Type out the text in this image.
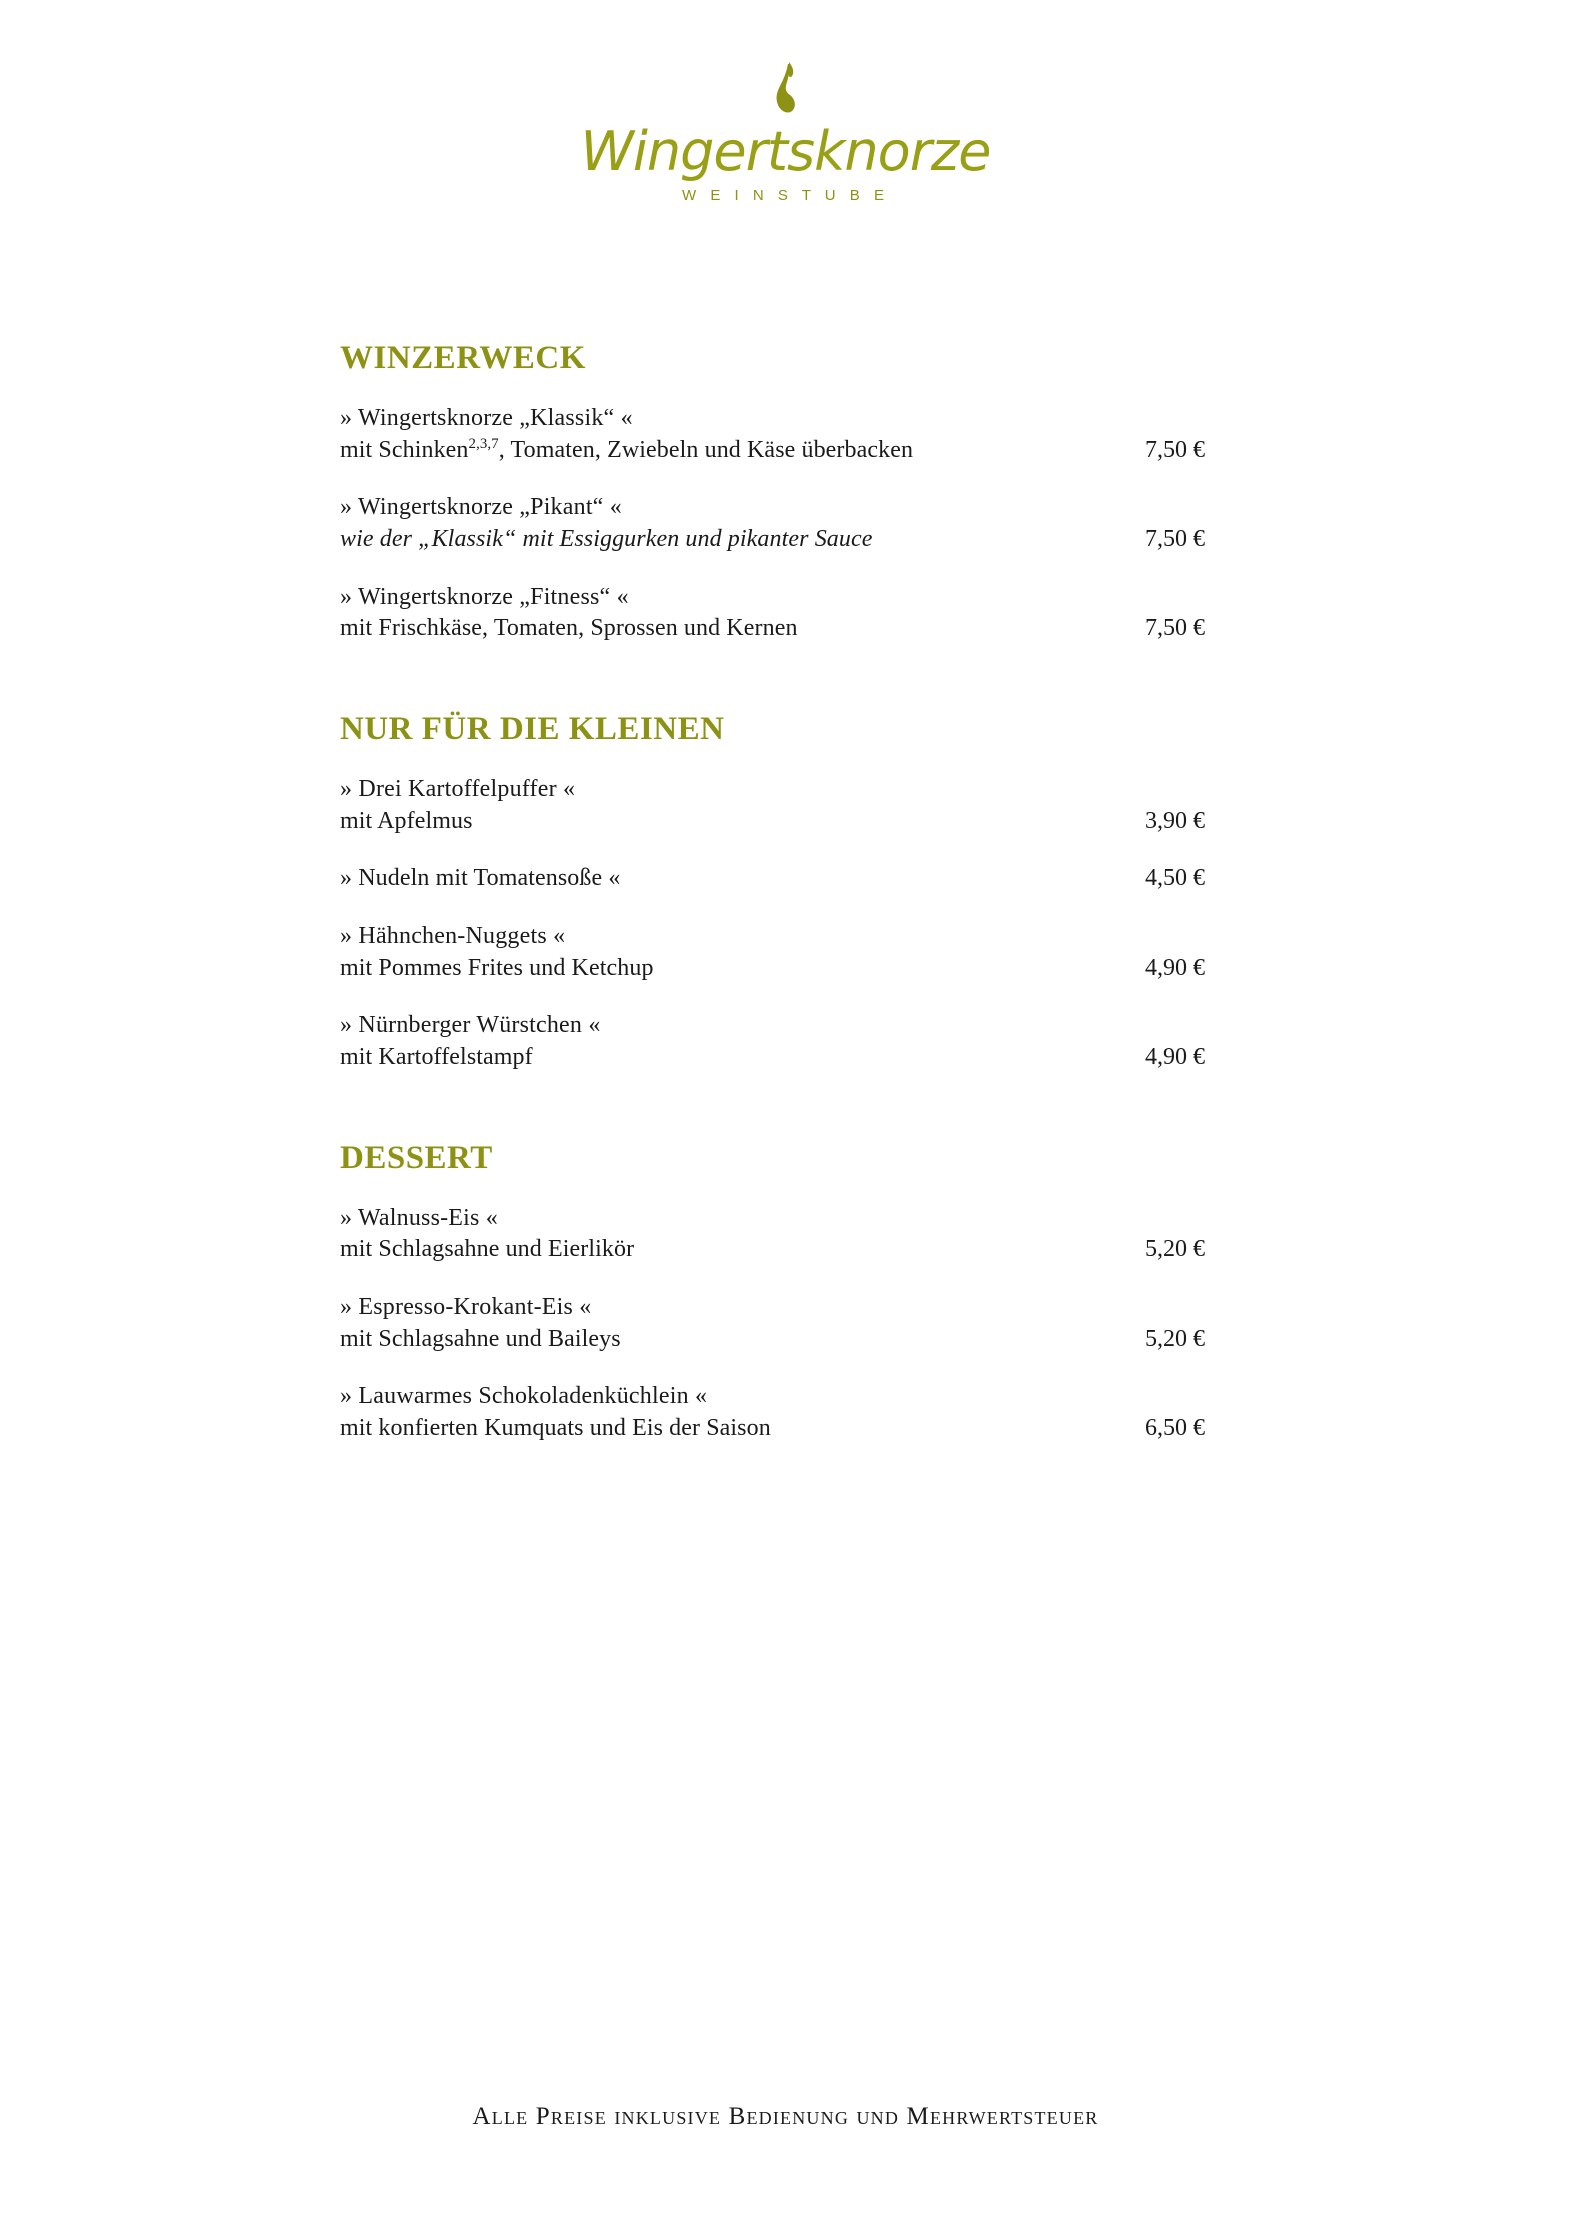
Wingertsknorze
W E I N S T U B E
WINZERWECK
» Wingertsknorze „Klassik“ «
mit Schinken$^{2,3,7}$, Tomaten, Zwiebeln und Käse überbacken	7,50 €
» Wingertsknorze „Pikant“ «
wie der „Klassik“ mit Essiggurken und pikanter Sauce	7,50 €
» Wingertsknorze „Fitness“ «
mit Frischkäse, Tomaten, Sprossen und Kernen	7,50 €
NUR FÜR DIE KLEINEN
» Drei Kartoffelpuffer «
mit Apfelmus	3,90 €
» Nudeln mit Tomatensoße «	4,50 €
» Hähnchen-Nuggets «
mit Pommes Frites und Ketchup	4,90 €
» Nürnberger Würstchen «
mit Kartoffelstampf	4,90 €
DESSERT
» Walnuss-Eis «
mit Schlagsahne und Eierlikör	5,20 €
» Espresso-Krokant-Eis «
mit Schlagsahne und Baileys	5,20 €
» Lauwarmes Schokoladenküchlein «
mit konfierten Kumquats und Eis der Saison	6,50 €
Alle Preise inklusive Bedienung und Mehrwertsteuer
